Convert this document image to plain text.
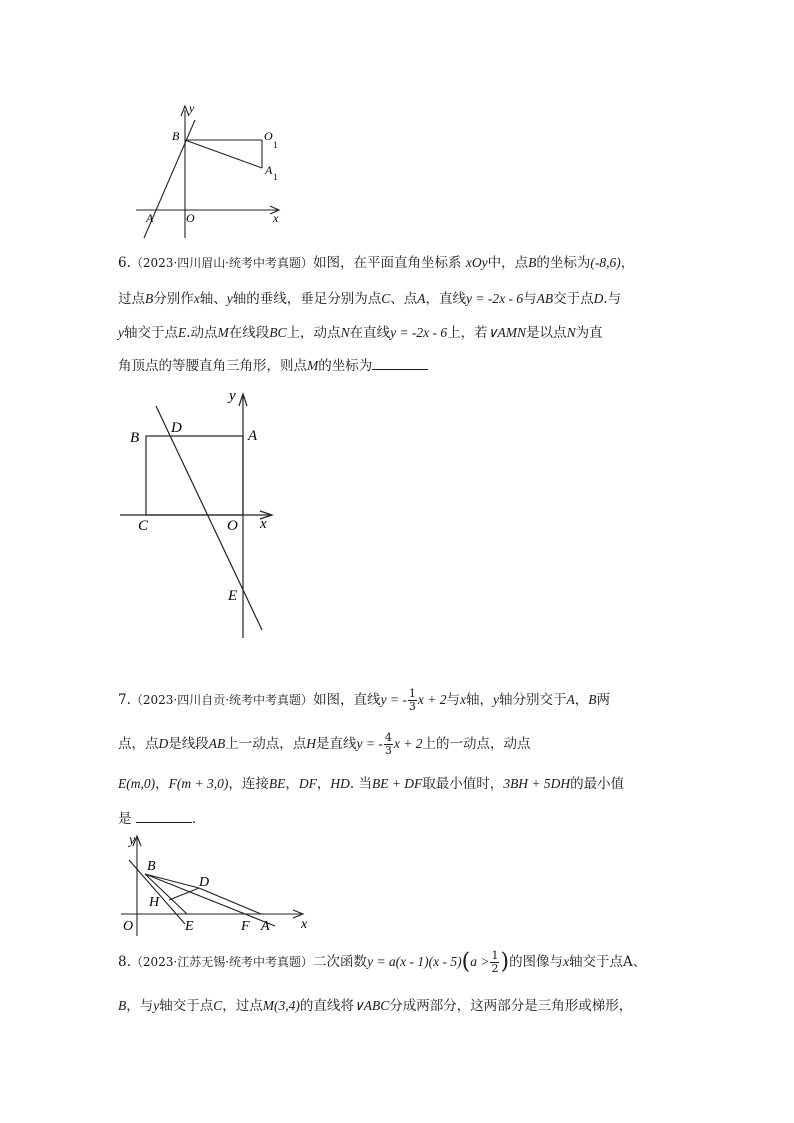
y
B	O
1
A 1
A	O	x
6.（2023·四川眉山·统考中考真题）如图，在平面直角坐标系 xOy中，点B的坐标为(-8,6)，
过点B分别作x轴、y轴的垂线，垂足分别为点C、点A，直线y = -2x - 6与AB交于点D.与
y轴交于点E.动点M在线段BC上，动点N在直线y = -2x - 6上，若∨AMN是以点N为直
角顶点的等腰直角三角形，则点M的坐标为
y
B
D	A
C	O x
E
7.（2023·四川自贡·统考中考真题）如图，直线y = - $\frac{1}{3}$ x + 2与x轴，y轴分别交于A，B两
点，点D是线段AB上一动点，点H是直线y = - $\frac{4}{3}$ x + 2上的一动点，动点
E(m,0)，F(m + 3,0)，连接BE，DF，HD. 当BE + DF取最小值时，3BH + 5DH的最小值
是	.
y
B
D
H
O	E	F A x
8.（2023·江苏无锡·统考中考真题）二次函数$y = a(x - 1)(x - 5)(a > \frac{1}{2}$ )的图像与x轴交于点A、
B，与y轴交于点C，过点M(3,4)的直线将∨ABC分成两部分，这两部分是三角形或梯形，
